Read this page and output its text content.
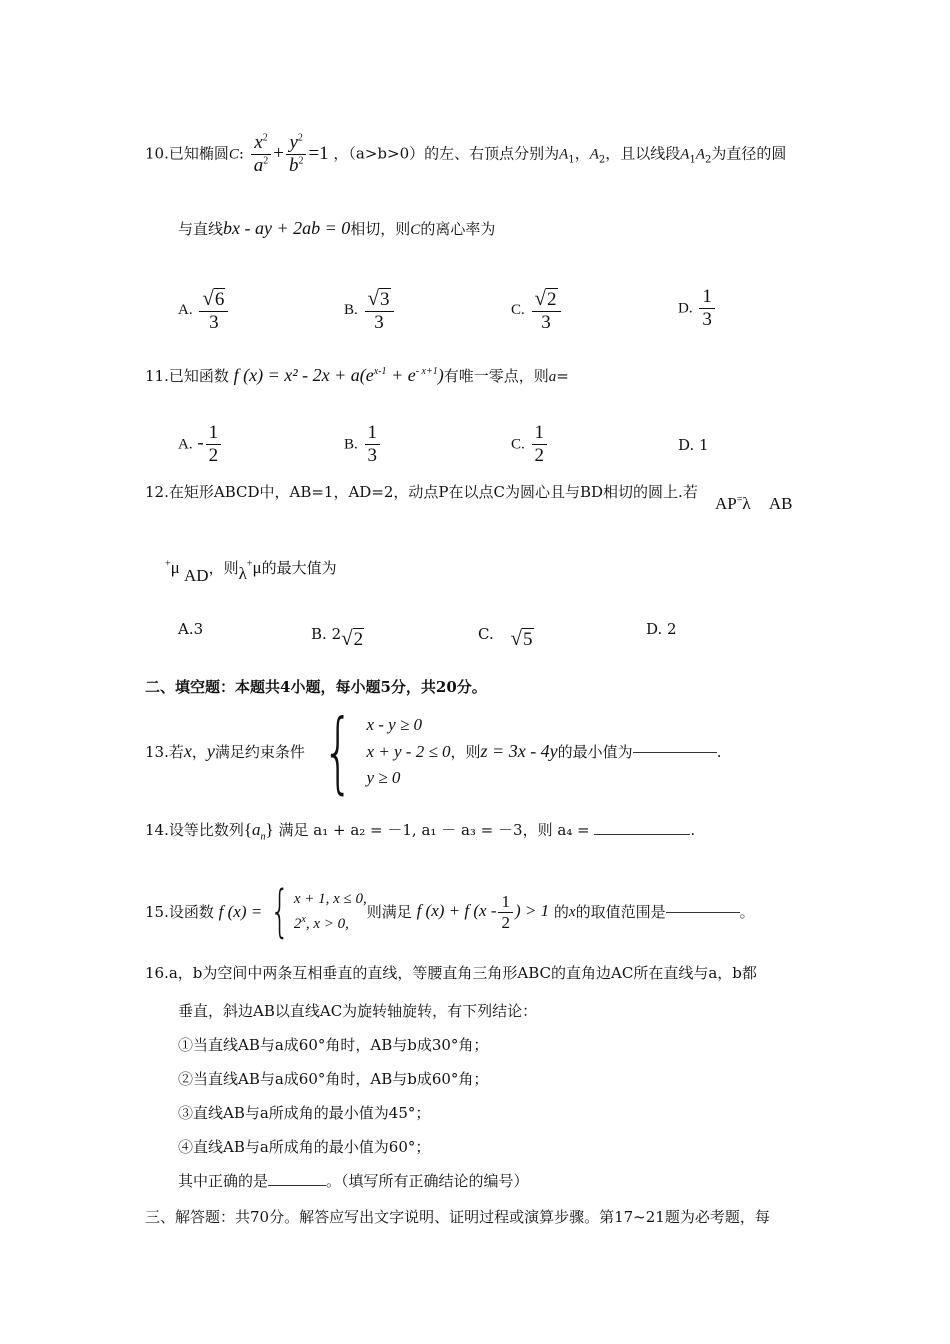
10.已知椭圆C: $\frac{x^2}{a^2} + \frac{y^2}{b^2} =1$ ，（a>b>0）的左、右顶点分别为$A_1$，$A_2$，且以线段$A_1A_2$为直径的圆
与直线bx - ay + 2ab = 0相切，则C的离心率为
A. $\frac{√6}{3}$	B. $\frac{√3}{3}$	C. $\frac{√2}{3}$	D. $\frac{1}{3}$
11.已知函数 f $(x) = x^2 - 2x + a(e^{x-1} + e^{- x+1})$有唯一零点，则a=
A. - $\frac{1}{2}$	B. $\frac{1}{3}$	C. $\frac{1}{2}$	D. 1
12.在矩形ABCD中，AB=1，AD=2，动点P在以点C为圆心且与BD相切的圆上.若
AP=λ AB
+μ AD，则λ+μ的最大值为
A.3	B. 2√2	C. √5	D. 2
二、填空题：本题共4小题，每小题5分，共20分。
13.若x，y满足约束条件 { x - y ≥ 0
x + y - 2 ≤ 0
y ≥ 0
，则z = 3x - 4y的最小值为	.
14.设等比数列$\{a_n\}$ 满足 a₁ + a₂ = －1, a₁ － a₃ = －3，则 a₄ =	.
15.设函数 f (x) = { x + 1, x ≤ 0,
2$^x$, x > 0,
则满足 f (x) + f ($x - \frac{1}{2}$ ) > 1 的x的取值范围是	。
16.a，b为空间中两条互相垂直的直线，等腰直角三角形ABC的直角边AC所在直线与a，b都
垂直，斜边AB以直线AC为旋转轴旋转，有下列结论：
①当直线AB与a成60°角时，AB与b成30°角；
②当直线AB与a成60°角时，AB与b成60°角；
③直线AB与a所成角的最小值为45°；
④直线AB与a所成角的最小值为60°；
其中正确的是	。（填写所有正确结论的编号）
三、解答题：共70分。解答应写出文字说明、证明过程或演算步骤。第17~21题为必考题，每
